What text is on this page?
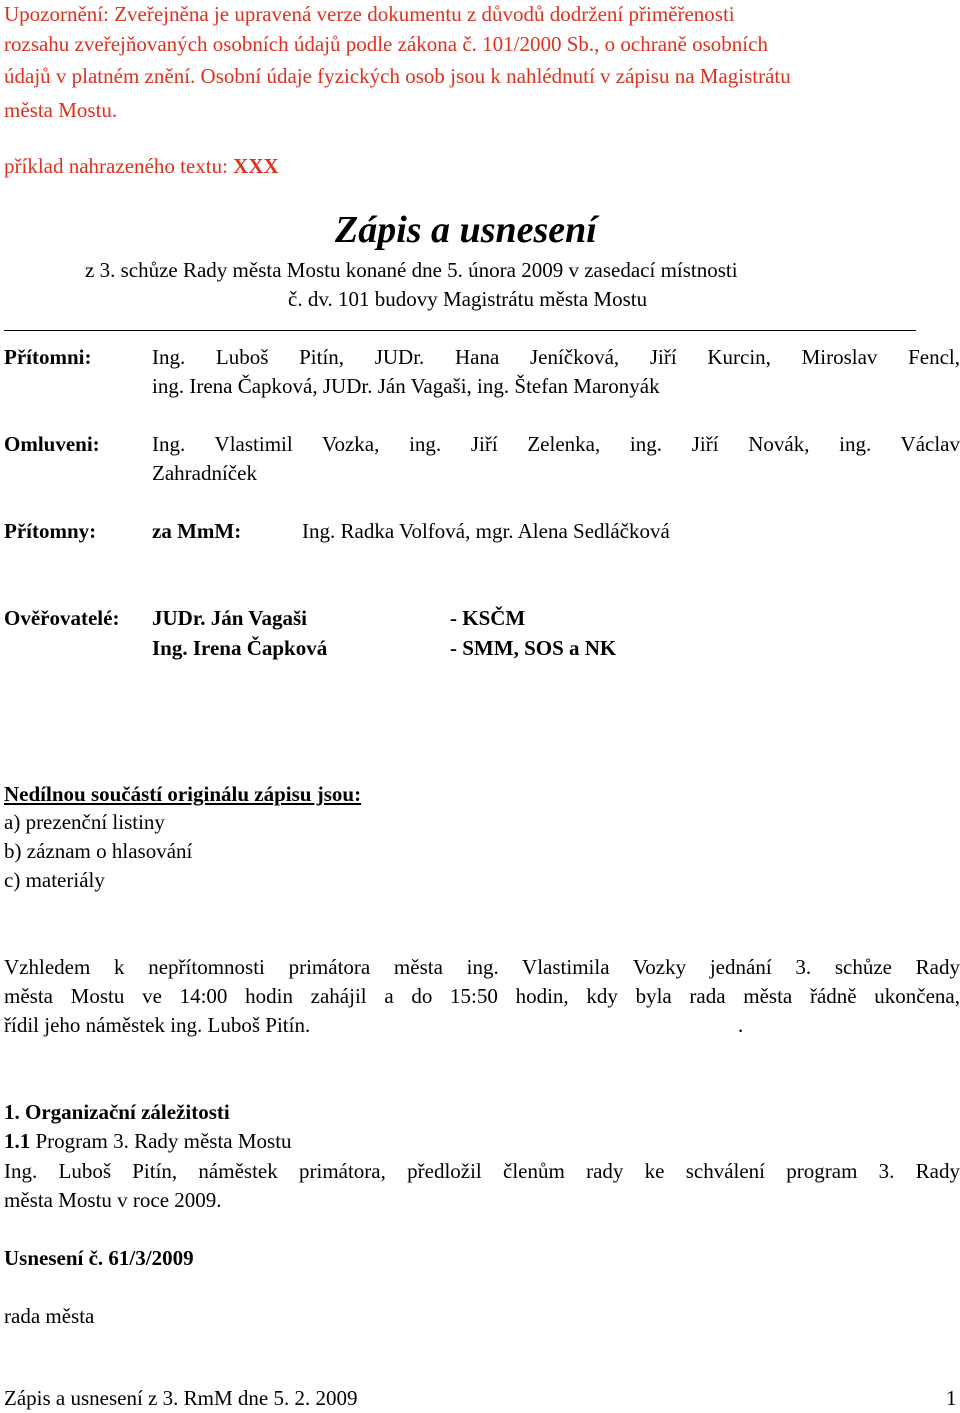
Upozornění: Zveřejněna je upravená verze dokumentu z důvodů dodržení přiměřenosti
rozsahu zveřejňovaných osobních údajů podle zákona č. 101/2000 Sb., o ochraně osobních
údajů v platném znění. Osobní údaje fyzických osob jsou k nahlédnutí v zápisu na Magistrátu
města Mostu.
příklad nahrazeného textu: XXX
Zápis a usnesení
z 3. schůze Rady města Mostu konané dne 5. února 2009 v zasedací místnosti
č. dv. 101 budovy Magistrátu města Mostu
Přítomni:	Ing. Luboš Pitín, JUDr. Hana Jeníčková, Jiří Kurcin, Miroslav Fencl,
ing. Irena Čapková, JUDr. Ján Vagaši, ing. Štefan Maronyák
Omluveni: Ing. Vlastimil Vozka, ing. Jiří Zelenka, ing. Jiří Novák, ing. Václav
Zahradníček
Přítomny:	za MmM:	Ing. Radka Volfová, mgr. Alena Sedláčková
Ověřovatelé: JUDr. Ján Vagaši	- KSČM
Ing. Irena Čapková	- SMM, SOS a NK
Nedílnou součástí originálu zápisu jsou:
a) prezenční listiny
b) záznam o hlasování
c) materiály
Vzhledem k nepřítomnosti primátora města ing. Vlastimila Vozky jednání 3. schůze Rady
města Mostu ve 14:00 hodin zahájil a do 15:50 hodin, kdy byla rada města řádně ukončena,
řídil jeho náměstek ing. Luboš Pitín.	.
1. Organizační záležitosti
1.1 Program 3. Rady města Mostu
Ing. Luboš Pitín, náměstek primátora, předložil členům rady ke schválení program 3. Rady
města Mostu v roce 2009.
Usnesení č. 61/3/2009
rada města
Zápis a usnesení z 3. RmM dne 5. 2. 2009	1
